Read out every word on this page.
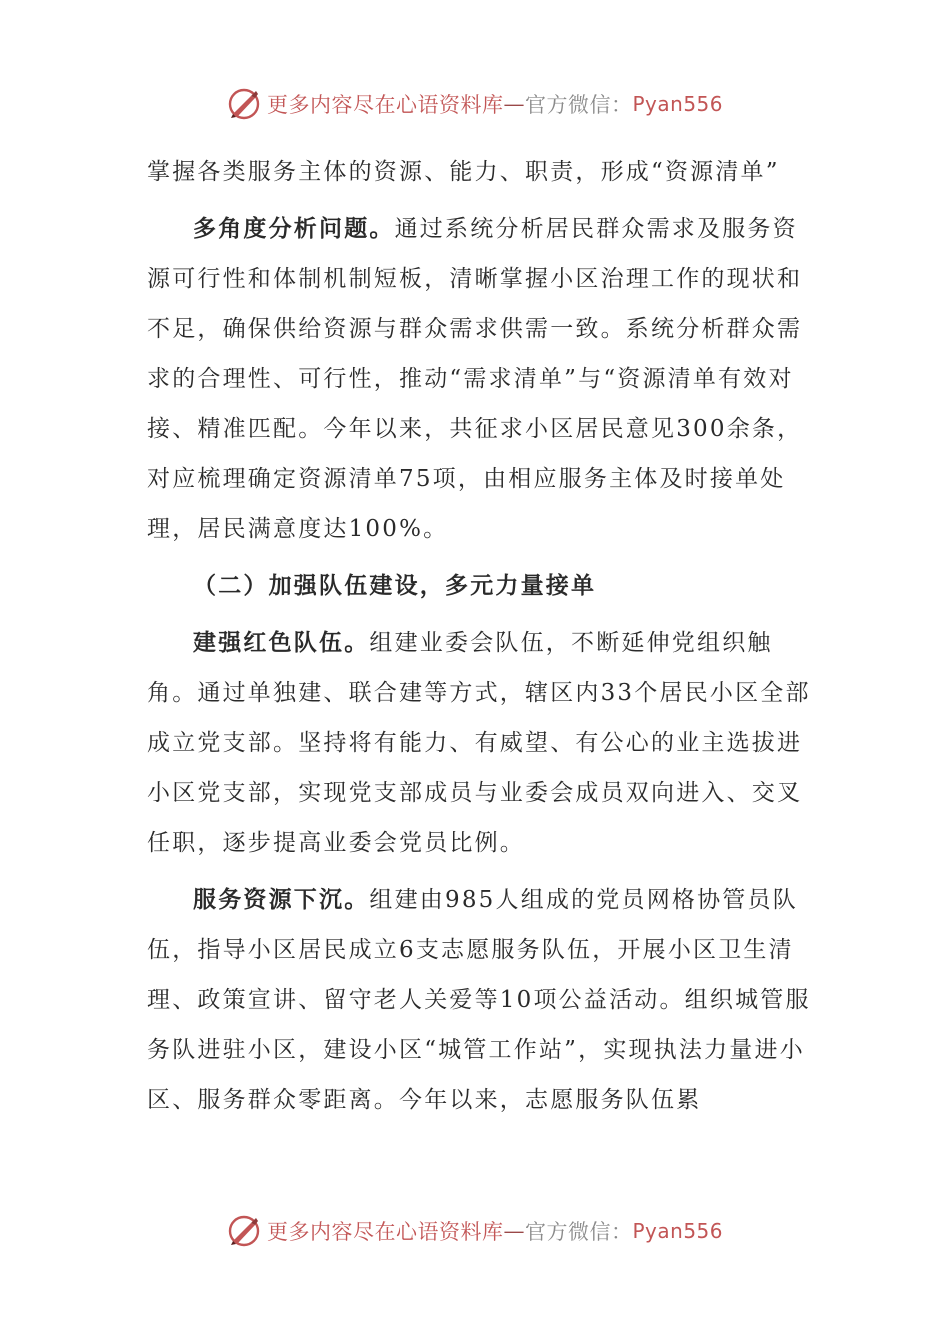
更多内容尽在心语资料库 — 官方微信： Pyan556

掌握各类服务主体的资源、能力、职责，形成“资源清单”

多角度分析问题。通过系统分析居民群众需求及服务资源可行性和体制机制短板，清晰掌握小区治理工作的现状和不足，确保供给资源与群众需求供需一致。系统分析群众需求的合理性、可行性，推动“需求清单”与“资源清单有效对接、精准匹配。今年以来，共征求小区居民意见300余条，对应梳理确定资源清单75项，由相应服务主体及时接单处理，居民满意度达100%。

（二）加强队伍建设，多元力量接单

建强红色队伍。组建业委会队伍，不断延伸党组织触角。通过单独建、联合建等方式，辖区内33个居民小区全部成立党支部。坚持将有能力、有威望、有公心的业主选拔进小区党支部，实现党支部成员与业委会成员双向进入、交叉任职，逐步提高业委会党员比例。

服务资源下沉。组建由985人组成的党员网格协管员队伍，指导小区居民成立6支志愿服务队伍，开展小区卫生清理、政策宣讲、留守老人关爱等10项公益活动。组织城管服务队进驻小区，建设小区“城管工作站”，实现执法力量进小区、服务群众零距离。今年以来，志愿服务队伍累

更多内容尽在心语资料库 — 官方微信： Pyan556
